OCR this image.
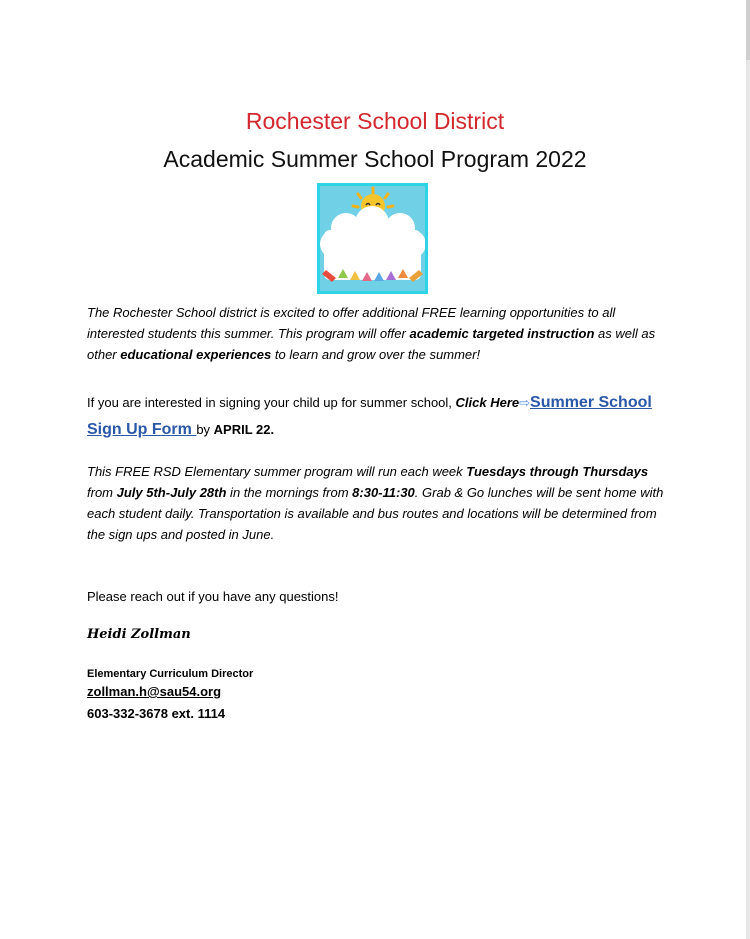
Rochester School District
Academic Summer School Program 2022
The Rochester School district is excited to offer additional FREE learning opportunities to all interested students this summer. This program will offer academic targeted instruction as well as other educational experiences to learn and grow over the summer!
If you are interested in signing your child up for summer school, Click Here⇨Summer School Sign Up Form by APRIL 22.
This FREE RSD Elementary summer program will run each week Tuesdays through Thursdays from July 5th-July 28th in the mornings from 8:30-11:30. Grab & Go lunches will be sent home with each student daily. Transportation is available and bus routes and locations will be determined from the sign ups and posted in June.
Please reach out if you have any questions!
Heidi Zollman
Elementary Curriculum Director
zollman.h@sau54.org
603-332-3678 ext. 1114
